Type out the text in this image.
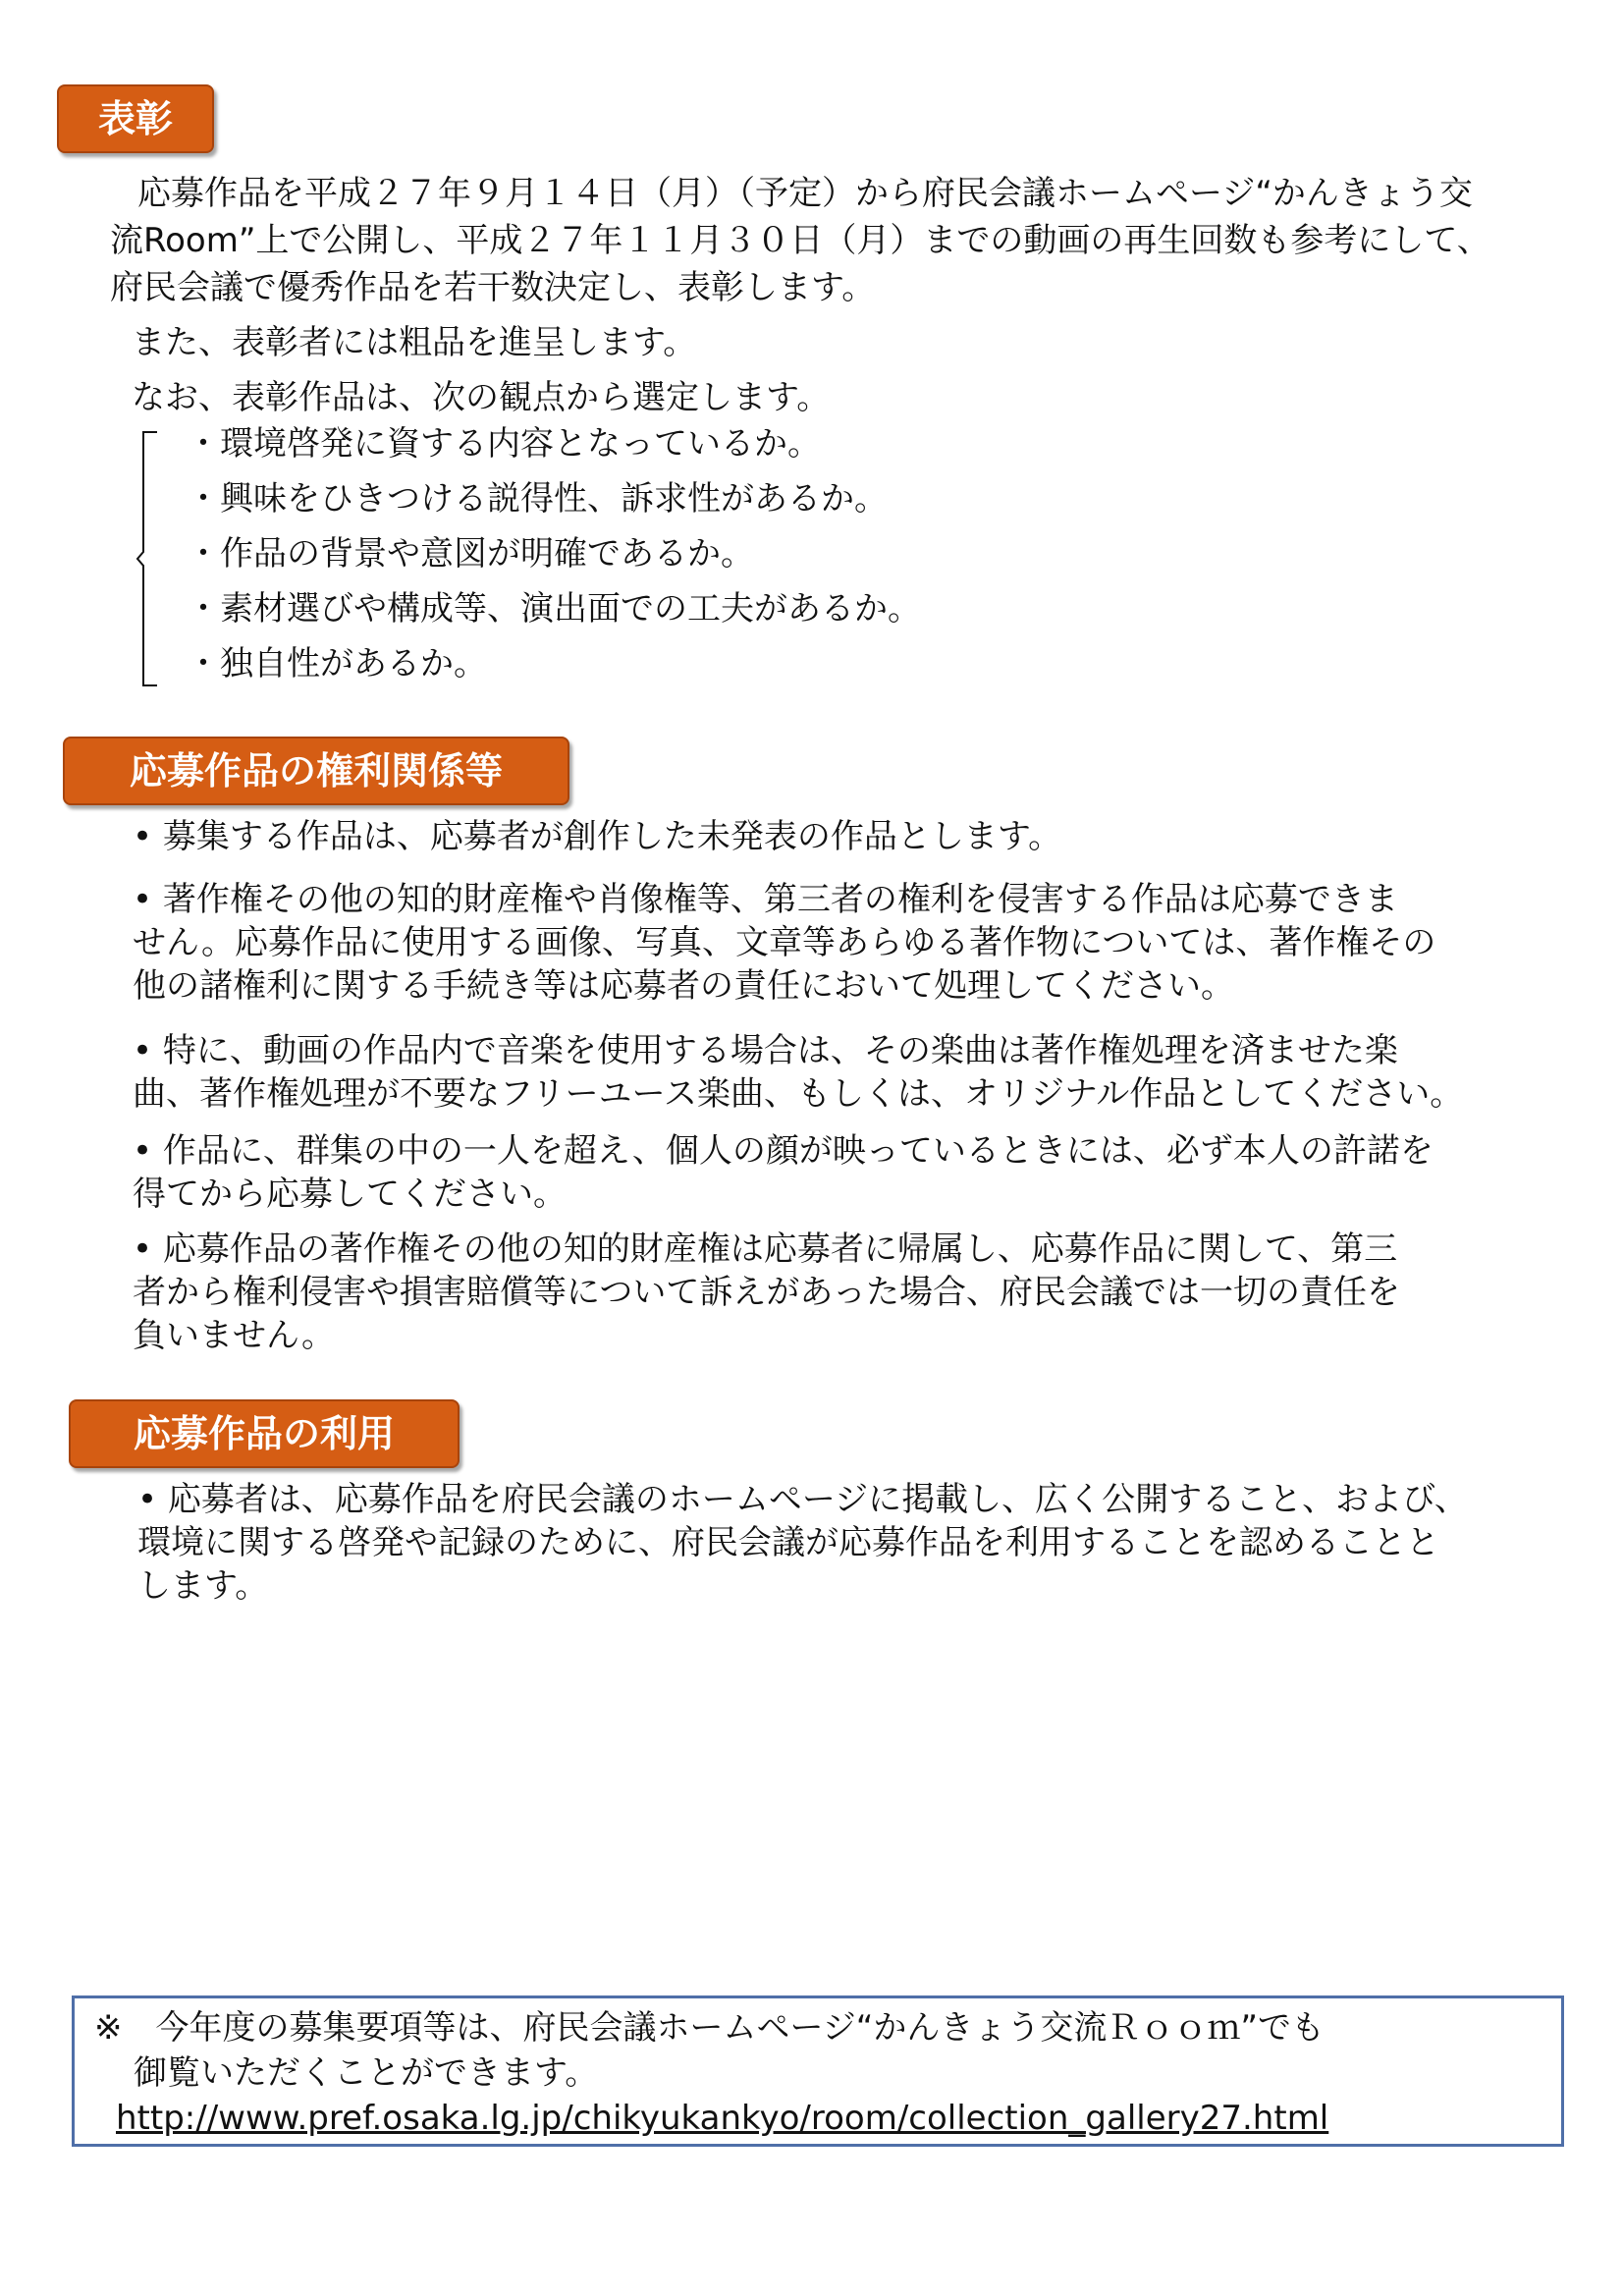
表彰

応募作品を平成２７年９月１４日（月）（予定）から府民会議ホームページ“かんきょう交

流Room”上で公開し、平成２７年１１月３０日（月）までの動画の再生回数も参考にして、

府民会議で優秀作品を若干数決定し、表彰します。

また、表彰者には粗品を進呈します。

なお、表彰作品は、次の観点から選定します。

・環境啓発に資する内容となっているか。
・興味をひきつける説得性、訴求性があるか。
・作品の背景や意図が明確であるか。
・素材選びや構成等、演出面での工夫があるか。
・独自性があるか。
応募作品の権利関係等
• 募集する作品は、応募者が創作した未発表の作品とします。
• 著作権その他の知的財産権や肖像権等、第三者の権利を侵害する作品は応募できま
せん。応募作品に使用する画像、写真、文章等あらゆる著作物については、著作権その
他の諸権利に関する手続き等は応募者の責任において処理してください。
• 特に、動画の作品内で音楽を使用する場合は、その楽曲は著作権処理を済ませた楽
曲、著作権処理が不要なフリーユース楽曲、もしくは、オリジナル作品としてください。
• 作品に、群集の中の一人を超え、個人の顔が映っているときには、必ず本人の許諾を
得てから応募してください。
• 応募作品の著作権その他の知的財産権は応募者に帰属し、応募作品に関して、第三
者から権利侵害や損害賠償等について訴えがあった場合、府民会議では一切の責任を
負いません。
応募作品の利用
• 応募者は、応募作品を府民会議のホームページに掲載し、広く公開すること、および、
環境に関する啓発や記録のために、府民会議が応募作品を利用することを認めることと
します。
※　今年度の募集要項等は、府民会議ホームページ“かんきょう交流Ｒｏｏｍ”でも
御覧いただくことができます。
http://www.pref.osaka.lg.jp/chikyukankyo/room/collection_gallery27.html
